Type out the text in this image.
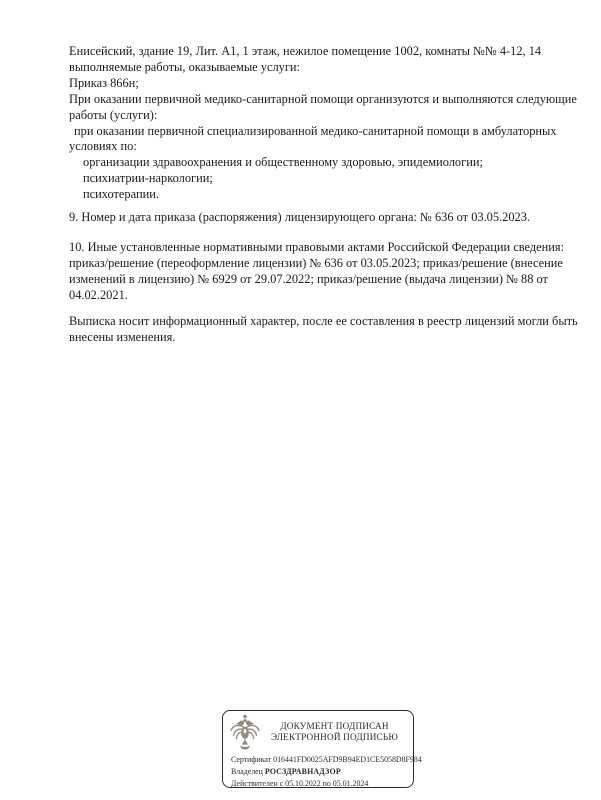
Енисейский, здание 19, Лит. А1, 1 этаж, нежилое помещение 1002, комнаты №№ 4-12, 14
выполняемые работы, оказываемые услуги:
Приказ 866н;
При оказании первичной медико-санитарной помощи организуются и выполняются следующие
работы (услуги):
при оказании первичной специализированной медико-санитарной помощи в амбулаторных
условиях по:
организации здравоохранения и общественному здоровью, эпидемиологии;
психиатрии-наркологии;
психотерапии.
9. Номер и дата приказа (распоряжения) лицензирующего органа: № 636 от 03.05.2023.
10. Иные установленные нормативными правовыми актами Российской Федерации сведения:
приказ/решение (переоформление лицензии) № 636 от 03.05.2023; приказ/решение (внесение
изменений в лицензию) № 6929 от 29.07.2022; приказ/решение (выдача лицензии) № 88 от
04.02.2021.
Выписка носит информационный характер, после ее составления в реестр лицензий могли быть
внесены изменения.
ДОКУМЕНТ ПОДПИСАН
ЭЛЕКТРОННОЙ ПОДПИСЬЮ
Сертификат 016441FD0025AFD9B94ED1CE5058D8F984
Владелец РОСЗДРАВНАДЗОР
Действителен с 05.10.2022 по 05.01.2024
